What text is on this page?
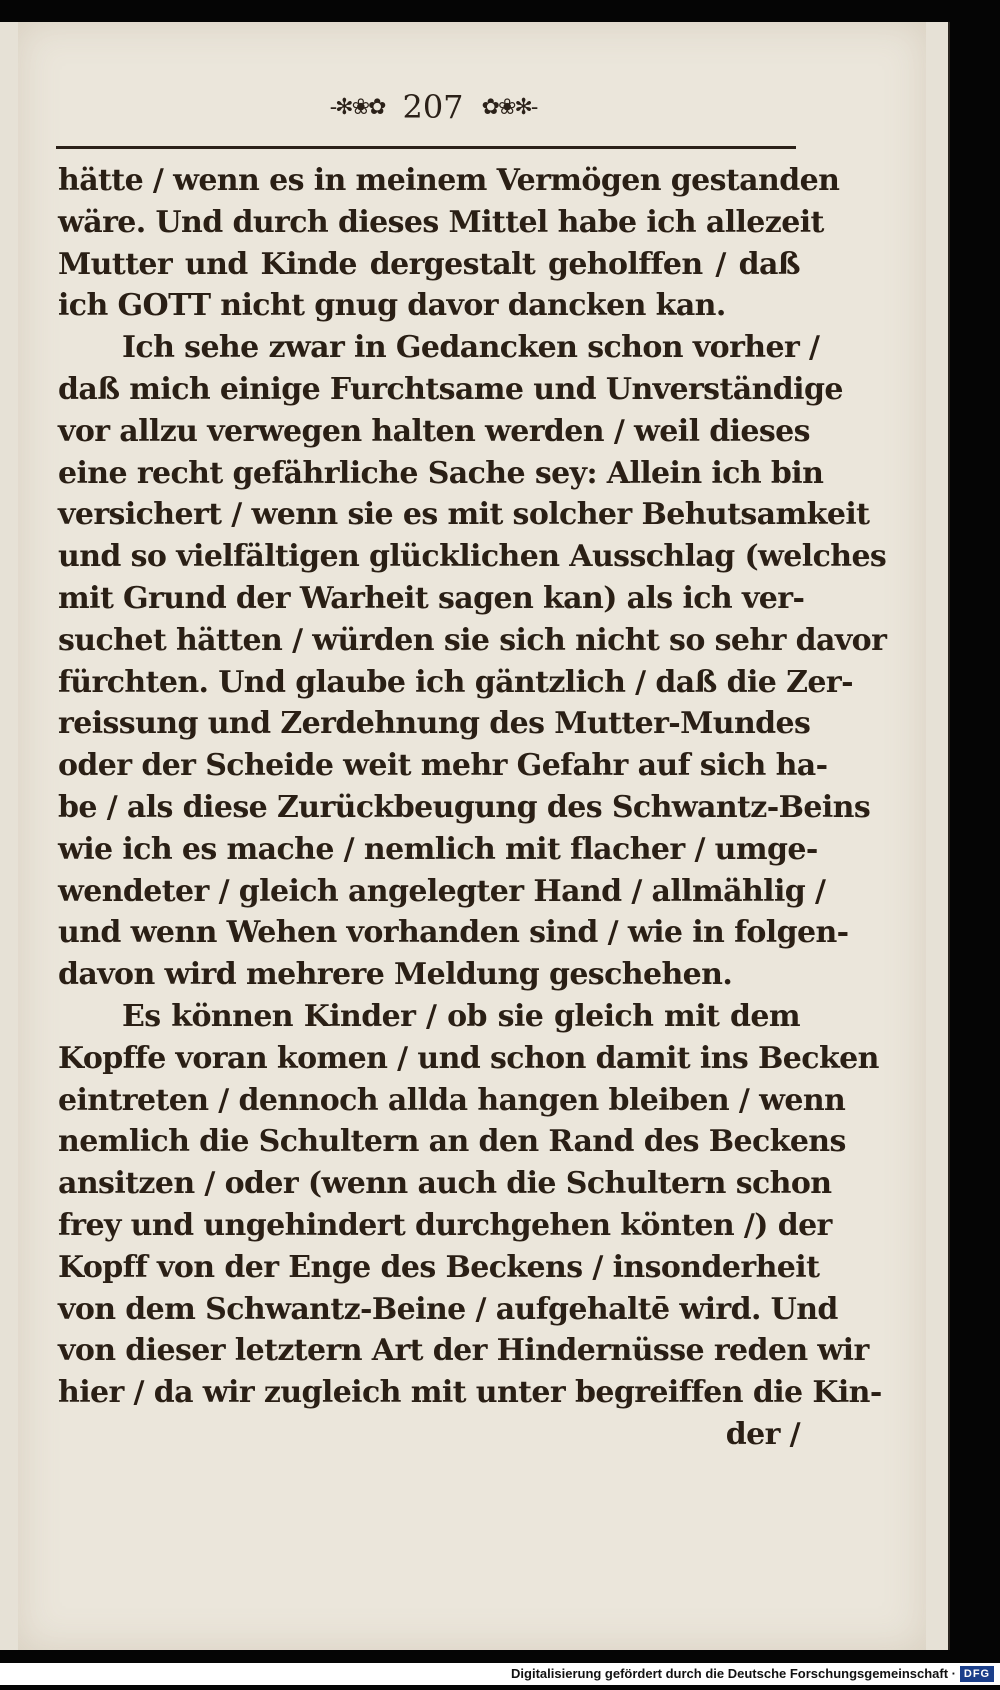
-✻❀✿ 207 ✿❀✻-
hätte / wenn es in meinem Vermögen gestanden
wäre. Und durch dieses Mittel habe ich allezeit
Mutter und Kinde dergestalt geholffen / daß
ich GOTT nicht gnug davor dancken kan.
Ich sehe zwar in Gedancken schon vorher /
daß mich einige Furchtsame und Unverständige
vor allzu verwegen halten werden / weil dieses
eine recht gefährliche Sache sey: Allein ich bin
versichert / wenn sie es mit solcher Behutsamkeit
und so vielfältigen glücklichen Ausschlag (welches
mit Grund der Warheit sagen kan) als ich ver-
suchet hätten / würden sie sich nicht so sehr davor
fürchten. Und glaube ich gäntzlich / daß die Zer-
reissung und Zerdehnung des Mutter-Mundes
oder der Scheide weit mehr Gefahr auf sich ha-
be / als diese Zurückbeugung des Schwantz-Beins
wie ich es mache / nemlich mit flacher / umge-
wendeter / gleich angelegter Hand / allmählig /
und wenn Wehen vorhanden sind / wie in folgen-
davon wird mehrere Meldung geschehen.
Es können Kinder / ob sie gleich mit dem
Kopffe voran komen / und schon damit ins Becken
eintreten / dennoch allda hangen bleiben / wenn
nemlich die Schultern an den Rand des Beckens
ansitzen / oder (wenn auch die Schultern schon
frey und ungehindert durchgehen könten /) der
Kopff von der Enge des Beckens / insonderheit
von dem Schwantz-Beine / aufgehaltē wird. Und
von dieser letztern Art der Hindernüsse reden wir
hier / da wir zugleich mit unter begreiffen die Kin-
der /
Digitalisierung gefördert durch die Deutsche Forschungsgemeinschaft · DFG
